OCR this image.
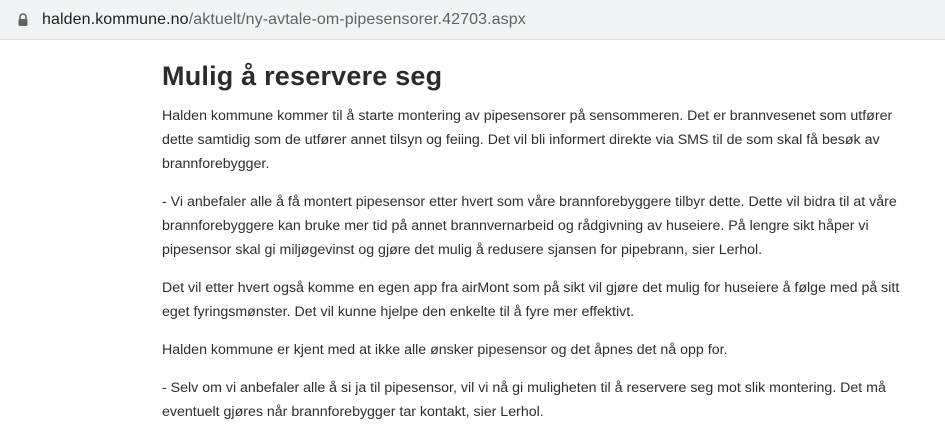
halden.kommune.no/aktuelt/ny-avtale-om-pipesensorer.42703.aspx
Mulig å reservere seg

Halden kommune kommer til å starte montering av pipesensorer på sensommeren. Det er brannvesenet som utfører dette samtidig som de utfører annet tilsyn og feiing. Det vil bli informert direkte via SMS til de som skal få besøk av brannforebygger.

- Vi anbefaler alle å få montert pipesensor etter hvert som våre brannforebyggere tilbyr dette. Dette vil bidra til at våre brannforebyggere kan bruke mer tid på annet brannvernarbeid og rådgivning av huseiere. På lengre sikt håper vi pipesensor skal gi miljøgevinst og gjøre det mulig å redusere sjansen for pipebrann, sier Lerhol.

Det vil etter hvert også komme en egen app fra airMont som på sikt vil gjøre det mulig for huseiere å følge med på sitt eget fyringsmønster. Det vil kunne hjelpe den enkelte til å fyre mer effektivt.

Halden kommune er kjent med at ikke alle ønsker pipesensor og det åpnes det nå opp for.

- Selv om vi anbefaler alle å si ja til pipesensor, vil vi nå gi muligheten til å reservere seg mot slik montering. Det må eventuelt gjøres når brannforebygger tar kontakt, sier Lerhol.
